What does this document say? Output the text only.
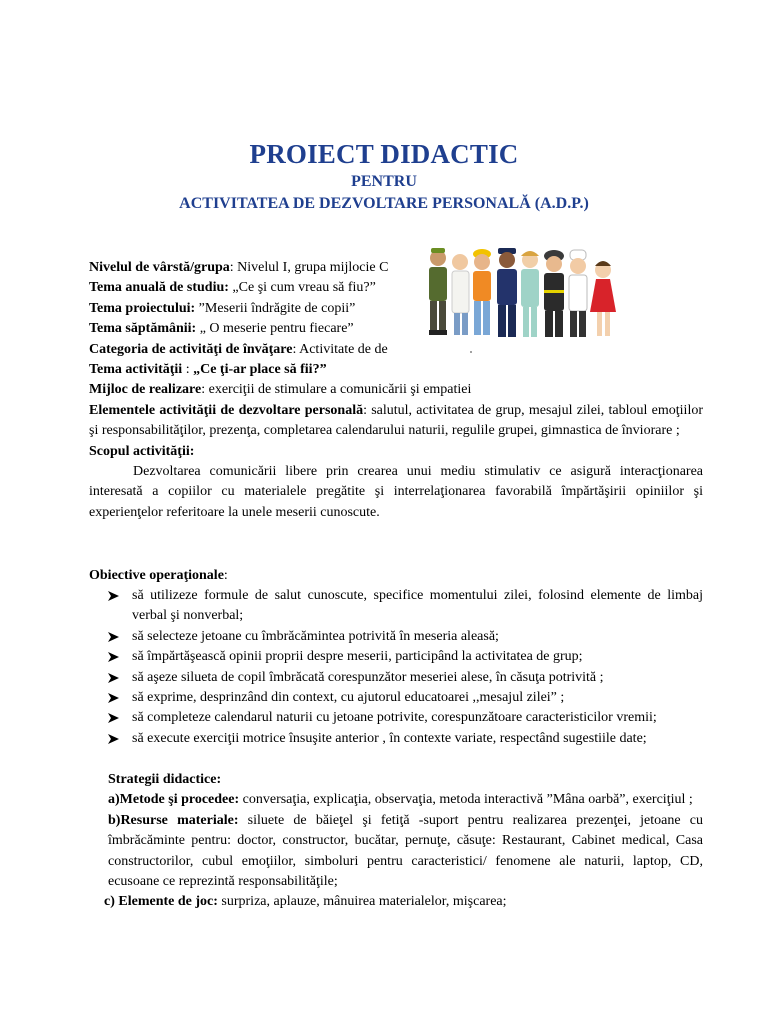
PROIECT DIDACTIC
PENTRU
ACTIVITATEA DE DEZVOLTARE PERSONALĂ (A.D.P.)
Nivelul de vârstă/grupa: Nivelul I, grupa mijlocie C
Tema anuală de studiu: „Ce şi cum vreau să fiu?”
Tema proiectului: ”Meserii îndrăgite de copii”
Tema săptămânii: „ O meserie pentru fiecare”
Categoria de activităţi de învăţare: Activitate de de
Tema activităţii : „Ce ţi-ar place să fii?”
Mijloc de realizare: exerciţii de stimulare a comunicării şi empatiei
Elementele activităţii de dezvoltare personală: salutul, activitatea de grup, mesajul zilei, tabloul emoţiilor şi responsabilităţilor, prezenţa, completarea calendarului naturii, regulile grupei, gimnastica de înviorare ;
Scopul activităţii:
Dezvoltarea comunicării libere prin crearea unui mediu stimulativ ce asigură interacţionarea interesată a copiilor cu materialele pregătite şi interrelaţionarea favorabilă împărtăşirii opiniilor şi experienţelor referitoare la unele meserii cunoscute.
Obiective operaţionale:
să utilizeze formule de salut cunoscute, specifice momentului zilei, folosind elemente de limbaj verbal şi nonverbal;
să selecteze jetoane cu îmbrăcămintea potrivită în meseria aleasă;
să împărtăşească opinii proprii despre meserii, participând la activitatea de grup;
să aşeze silueta de copil îmbrăcată corespunzător meseriei alese, în căsuţa potrivită ;
să exprime, desprinzând din context, cu ajutorul educatoarei ,,mesajul zilei” ;
să completeze calendarul naturii cu jetoane potrivite, corespunzătoare caracteristicilor vremii;
să execute exerciţii motrice însuşite anterior , în contexte variate, respectând sugestiile date;
Strategii didactice:
a)Metode şi procedee: conversaţia, explicaţia, observaţia, metoda interactivă ”Mâna oarbă”, exerciţiul ;
b)Resurse materiale: siluete de băieţel şi fetiţă -suport pentru realizarea prezenţei, jetoane cu îmbrăcăminte pentru: doctor, constructor, bucătar, pernuţe, căsuţe: Restaurant, Cabinet medical, Casa constructorilor, cubul emoţiilor, simboluri pentru caracteristici/ fenomene ale naturii, laptop, CD, ecusoane ce reprezintă responsabilităţile;
c) Elemente de joc: surpriza, aplauze, mânuirea materialelor, mişcarea;
